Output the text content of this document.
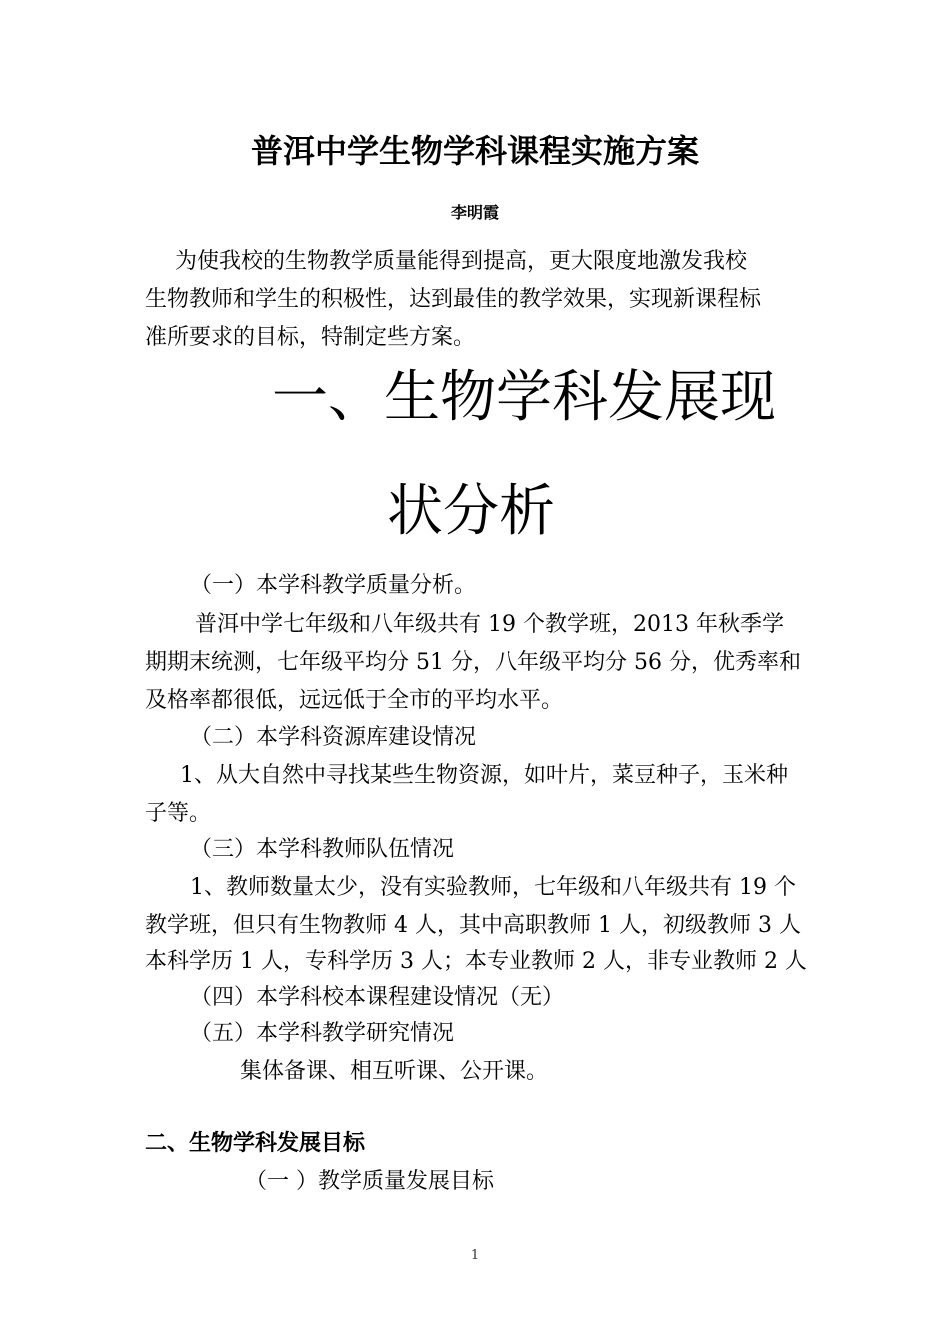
普洱中学生物学科课程实施方案
李明霞
为使我校的生物教学质量能得到提高，更大限度地激发我校
生物教师和学生的积极性，达到最佳的教学效果，实现新课程标
准所要求的目标，特制定些方案。
一、生物学科发展现
状分析
（一）本学科教学质量分析。
普洱中学七年级和八年级共有 19 个教学班，2013 年秋季学
期期末统测，七年级平均分 51 分，八年级平均分 56 分，优秀率和
及格率都很低，远远低于全市的平均水平。
（二）本学科资源库建设情况
1、从大自然中寻找某些生物资源，如叶片，菜豆种子，玉米种
子等。
（三）本学科教师队伍情况
1、教师数量太少，没有实验教师，七年级和八年级共有 19 个
教学班，但只有生物教师 4 人，其中高职教师 1 人，初级教师 3 人
本科学历 1 人，专科学历 3 人；本专业教师 2 人，非专业教师 2 人
（四）本学科校本课程建设情况（无）
（五）本学科教学研究情况
集体备课、相互听课、公开课。
二、生物学科发展目标
（一 ）教学质量发展目标
1
